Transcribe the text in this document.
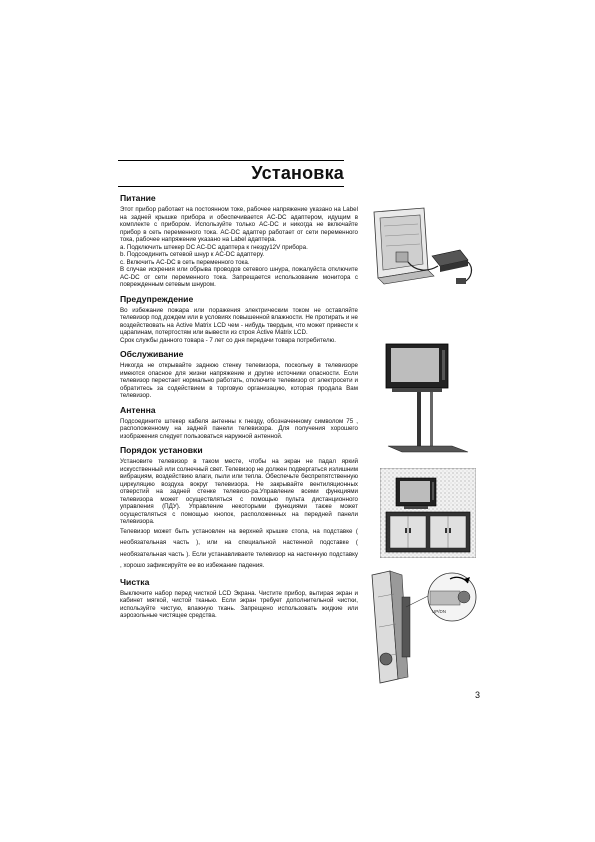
Установка
Питание

Этот прибор работает на постоянном токе, рабочее напряжение указано на Label на задней крышке прибора и обеспечивается AC-DC адаптером, идущим в комплекте с прибором. Используйте только AC-DC и никогда не включайте прибор в сеть переменного тока. AC-DC адаптер работает от сети переменного тока, рабочее напряжение указано на Label адаптера.

a. Подключить штекер DC AC-DC адаптера к гнезду12V прибора.
b. Подсоединить сетевой шнур к AC-DC адаптеру.
c. Включить AC-DC в сеть переменного тока.

В случае искрения или обрыва проводов сетевого шнура, пожалуйста отключите AC-DC от сети переменного тока. Запрещается использование монитора с поврежденным сетевым шнуром.

Предупреждение

Во избежание пожара или поражения электрическим током не оставляйте телевизор под дождем или в условиях повышенной влажности. Не протирать и не воздействовать на Active Matrix LCD чем - нибудь твердым, что может привести к царапинам, потертостям или вывести из строя Active Matrix LCD.

Срок службы данного товара - 7 лет со дня передачи товара потребителю.

Обслуживание

Никогда не открывайте заднюю стенку телевизора, поскольку в телевизоре имеются опасное для жизни напряжение и другие источники опасности. Если телевизор перестает нормально работать, отключите телевизор от электросети и обратитесь за содействием в торговую организацию, которая продала Вам телевизор.

Антенна

Подсоедините штекер кабеля антенны к гнезду, обозначенному символом 75 , расположенному на задней панели телевизора. Для получения хорошего изображения следует пользоваться наружной антенной.

Порядок установки

Установите телевизор в таком месте, чтобы на экран не падал яркий искусственный или солнечный свет. Телевизор не должен подвергаться излишним вибрациям, воздействию влаги, пыли или тепла. Обеспечьте беспрепятственную циркуляцию воздуха вокруг телевизора. Не закрывайте вентиляционных отверстий на задней стенке телевизо-ра.Управление всеми функциями телевизора может осуществляться с помощью пульта дистанционного управления (ПДУ). Управление некоторыми функциями также может осуществляться с помощью кнопок, расположенных на передней панели телевизора.

Телевизор может быть установлен на верхней крышке стола, на подставке ( необязательная часть ), или на специальной настенной подставке ( необязательная часть ). Если устанавливаете телевизор на настенную подставку , хорошо зафиксируйте ее во избежание падения.

Чистка

Выключите набор перед чисткой LCD Экрана. Чистите прибор, вытирая экран и кабинет мягкой, чистой тканью. Если экран требует дополнительной чистки, используйте чистую, влажную ткань. Запрещено использовать жидкие или аэрозольные чистящее средства.

UP/DN
3
